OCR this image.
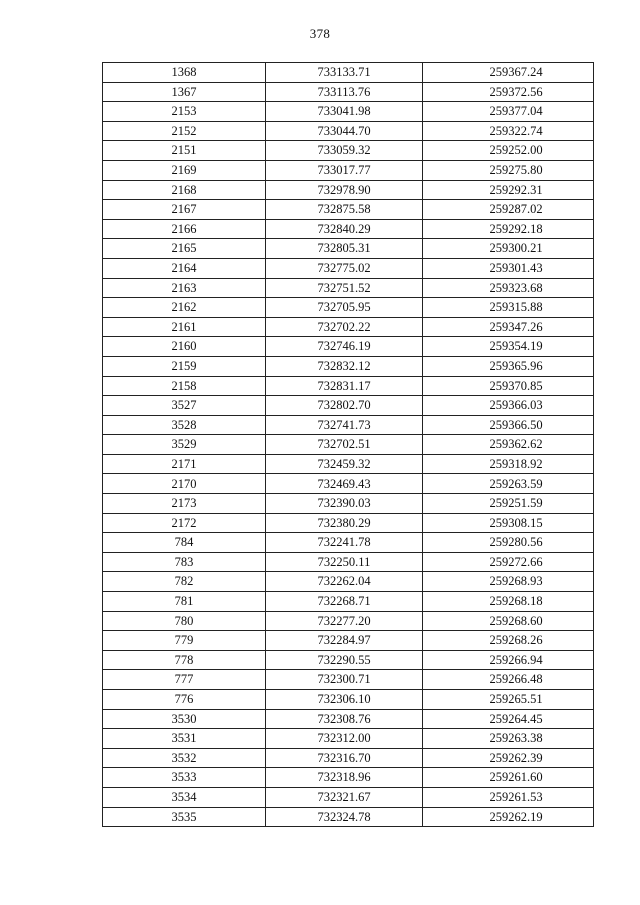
378
1368	733133.71	259367.24
1367	733113.76	259372.56
2153	733041.98	259377.04
2152	733044.70	259322.74
2151	733059.32	259252.00
2169	733017.77	259275.80
2168	732978.90	259292.31
2167	732875.58	259287.02
2166	732840.29	259292.18
2165	732805.31	259300.21
2164	732775.02	259301.43
2163	732751.52	259323.68
2162	732705.95	259315.88
2161	732702.22	259347.26
2160	732746.19	259354.19
2159	732832.12	259365.96
2158	732831.17	259370.85
3527	732802.70	259366.03
3528	732741.73	259366.50
3529	732702.51	259362.62
2171	732459.32	259318.92
2170	732469.43	259263.59
2173	732390.03	259251.59
2172	732380.29	259308.15
784	732241.78	259280.56
783	732250.11	259272.66
782	732262.04	259268.93
781	732268.71	259268.18
780	732277.20	259268.60
779	732284.97	259268.26
778	732290.55	259266.94
777	732300.71	259266.48
776	732306.10	259265.51
3530	732308.76	259264.45
3531	732312.00	259263.38
3532	732316.70	259262.39
3533	732318.96	259261.60
3534	732321.67	259261.53
3535	732324.78	259262.19
